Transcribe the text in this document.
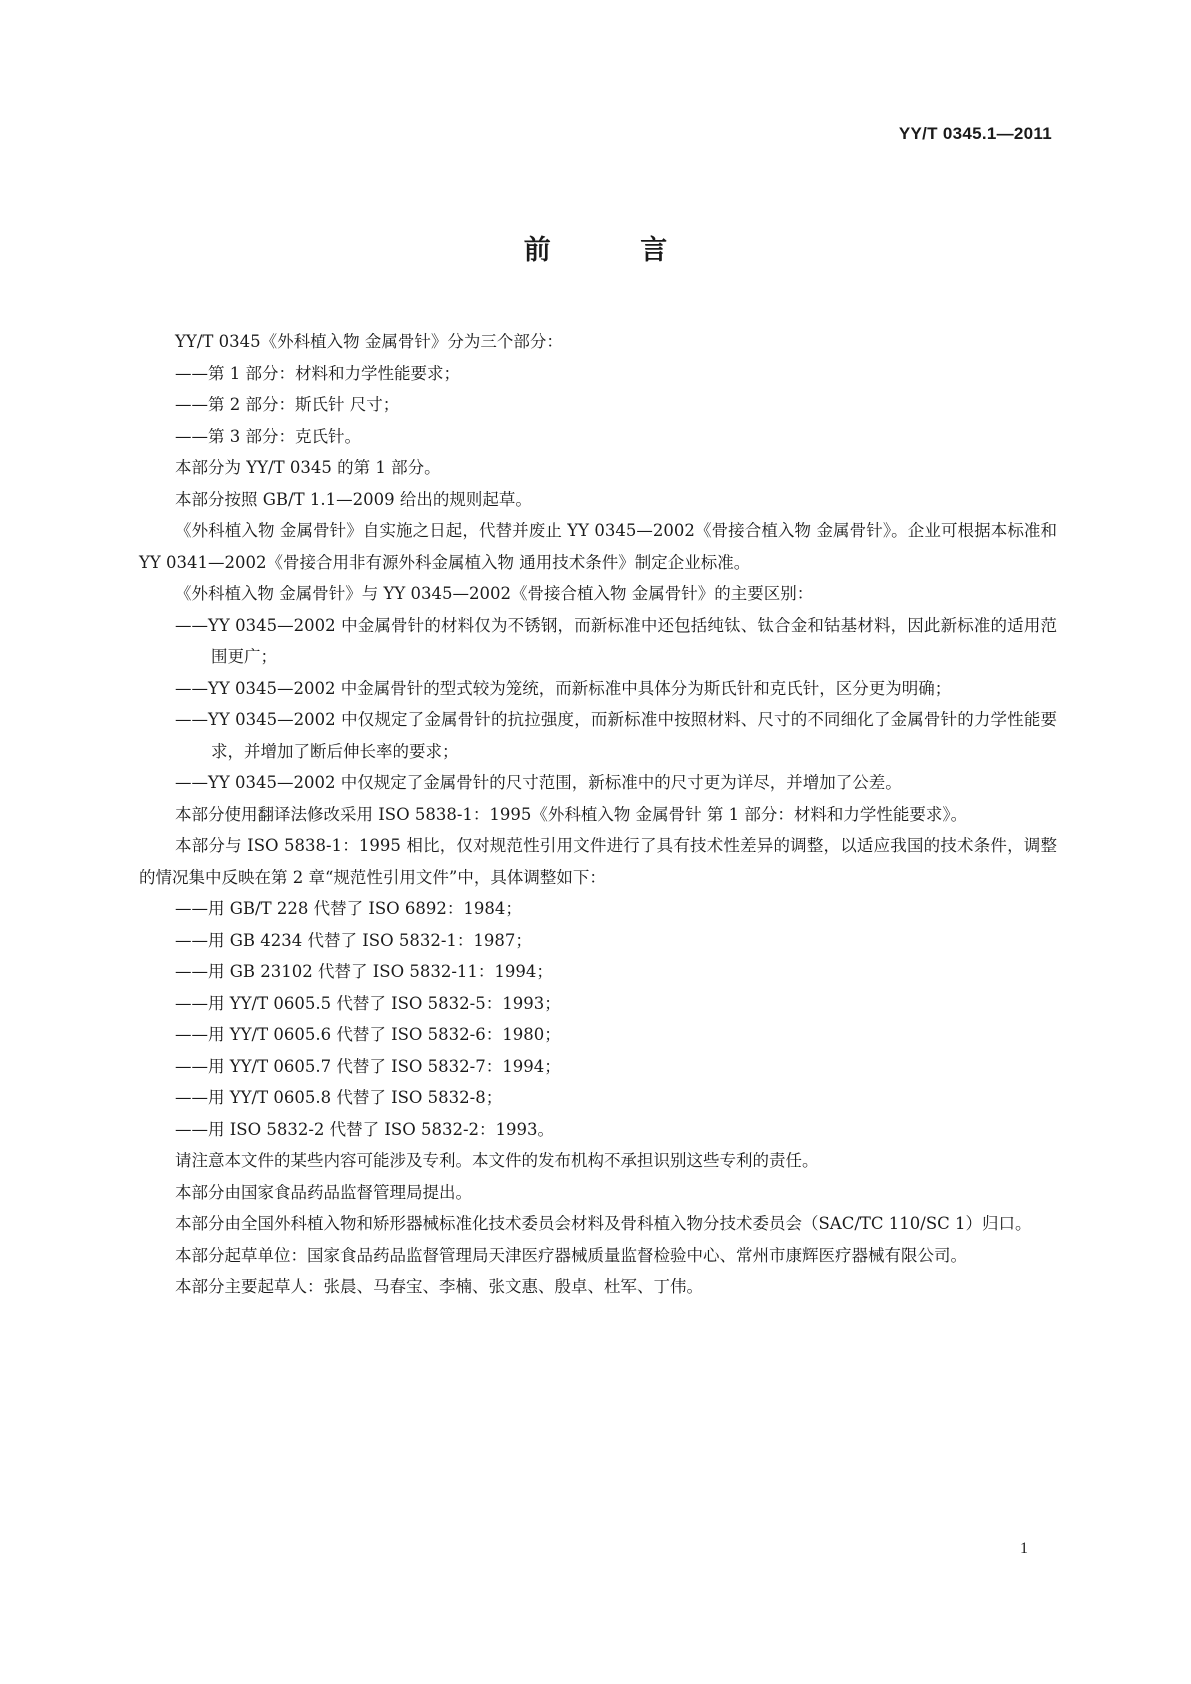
YY/T 0345.1—2011
前 言

YY/T 0345《外科植入物 金属骨针》分为三个部分：

——第 1 部分：材料和力学性能要求；

——第 2 部分：斯氏针 尺寸；

——第 3 部分：克氏针。

本部分为 YY/T 0345 的第 1 部分。

本部分按照 GB/T 1.1—2009 给出的规则起草。

《外科植入物 金属骨针》自实施之日起，代替并废止 YY 0345—2002《骨接合植入物 金属骨针》。企业可根据本标准和 YY 0341—2002《骨接合用非有源外科金属植入物 通用技术条件》制定企业标准。

《外科植入物 金属骨针》与 YY 0345—2002《骨接合植入物 金属骨针》的主要区别：

——YY 0345—2002 中金属骨针的材料仅为不锈钢，而新标准中还包括纯钛、钛合金和钴基材料，因此新标准的适用范围更广；

——YY 0345—2002 中金属骨针的型式较为笼统，而新标准中具体分为斯氏针和克氏针，区分更为明确；

——YY 0345—2002 中仅规定了金属骨针的抗拉强度，而新标准中按照材料、尺寸的不同细化了金属骨针的力学性能要求，并增加了断后伸长率的要求；

——YY 0345—2002 中仅规定了金属骨针的尺寸范围，新标准中的尺寸更为详尽，并增加了公差。

本部分使用翻译法修改采用 ISO 5838-1：1995《外科植入物 金属骨针 第 1 部分：材料和力学性能要求》。

本部分与 ISO 5838-1：1995 相比，仅对规范性引用文件进行了具有技术性差异的调整，以适应我国的技术条件，调整的情况集中反映在第 2 章“规范性引用文件”中，具体调整如下：

——用 GB/T 228 代替了 ISO 6892：1984；

——用 GB 4234 代替了 ISO 5832-1：1987；

——用 GB 23102 代替了 ISO 5832-11：1994；

——用 YY/T 0605.5 代替了 ISO 5832-5：1993；

——用 YY/T 0605.6 代替了 ISO 5832-6：1980；

——用 YY/T 0605.7 代替了 ISO 5832-7：1994；

——用 YY/T 0605.8 代替了 ISO 5832-8；

——用 ISO 5832-2 代替了 ISO 5832-2：1993。

请注意本文件的某些内容可能涉及专利。本文件的发布机构不承担识别这些专利的责任。

本部分由国家食品药品监督管理局提出。

本部分由全国外科植入物和矫形器械标准化技术委员会材料及骨科植入物分技术委员会（SAC/TC 110/SC 1）归口。

本部分起草单位：国家食品药品监督管理局天津医疗器械质量监督检验中心、常州市康辉医疗器械有限公司。

本部分主要起草人：张晨、马春宝、李楠、张文惠、殷卓、杜军、丁伟。

1
